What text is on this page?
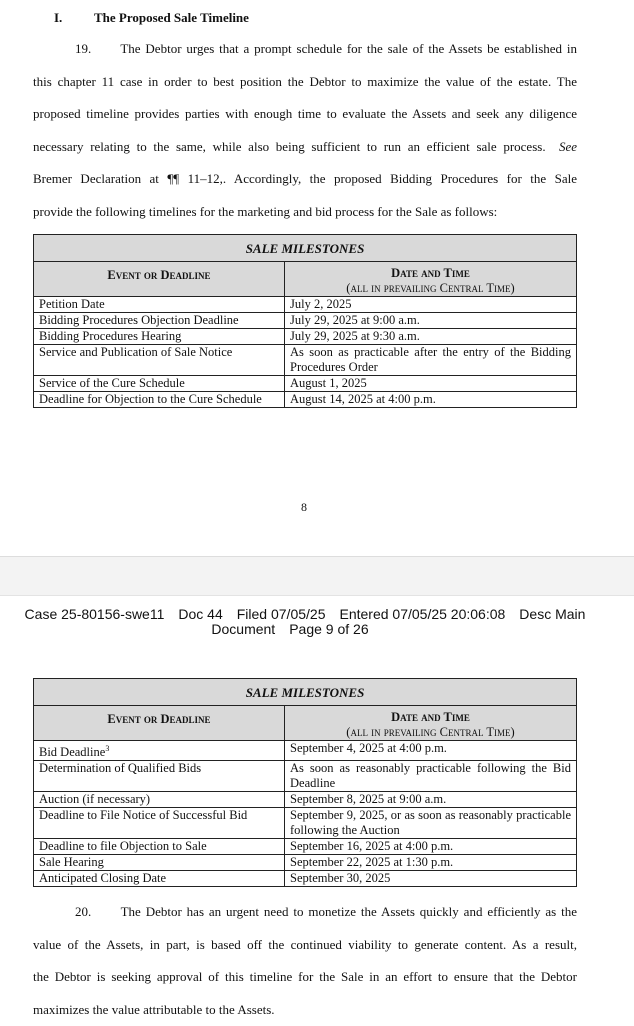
I. The Proposed Sale Timeline
19. The Debtor urges that a prompt schedule for the sale of the Assets be established in
this chapter 11 case in order to best position the Debtor to maximize the value of the estate. The
proposed timeline provides parties with enough time to evaluate the Assets and seek any diligence
necessary relating to the same, while also being sufficient to run an efficient sale process. See
Bremer Declaration at ¶¶ 11–12,. Accordingly, the proposed Bidding Procedures for the Sale
provide the following timelines for the marketing and bid process for the Sale as follows:
SALE MILESTONES	
Event or Deadline	Date and Time
(all in prevailing Central Time)

Petition Date	July 2, 2025
Bidding Procedures Objection Deadline	July 29, 2025 at 9:00 a.m.
Bidding Procedures Hearing	July 29, 2025 at 9:30 a.m.
Service and Publication of Sale Notice	As soon as practicable after the entry of the Bidding Procedures Order
Service of the Cure Schedule	August 1, 2025
Deadline for Objection to the Cure Schedule	August 14, 2025 at 4:00 p.m.
8
Case 25-80156-swe11 Doc 44 Filed 07/05/25 Entered 07/05/25 20:06:08 Desc Main
Document Page 9 of 26
SALE MILESTONES	
Event or Deadline	Date and Time
(all in prevailing Central Time)

Bid Deadline$^3$	September 4, 2025 at 4:00 p.m.
Determination of Qualified Bids	As soon as reasonably practicable following the Bid Deadline
Auction (if necessary)	September 8, 2025 at 9:00 a.m.
Deadline to File Notice of Successful Bid	September 9, 2025, or as soon as reasonably practicable following the Auction
Deadline to file Objection to Sale	September 16, 2025 at 4:00 p.m.
Sale Hearing	September 22, 2025 at 1:30 p.m.
Anticipated Closing Date	September 30, 2025
20. The Debtor has an urgent need to monetize the Assets quickly and efficiently as the
value of the Assets, in part, is based off the continued viability to generate content. As a result,
the Debtor is seeking approval of this timeline for the Sale in an effort to ensure that the Debtor
maximizes the value attributable to the Assets.
